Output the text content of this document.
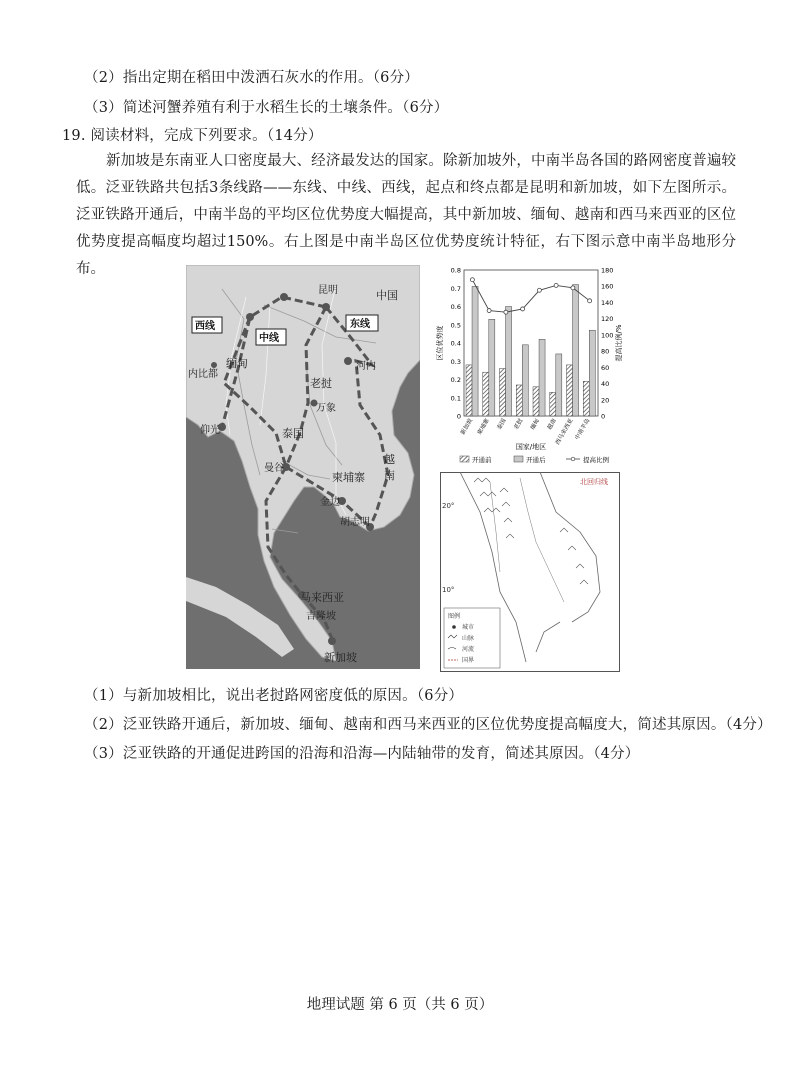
（2）指出定期在稻田中泼洒石灰水的作用。（6分）
（3）简述河蟹养殖有利于水稻生长的土壤条件。（6分）
19. 阅读材料，完成下列要求。（14分）
新加坡是东南亚人口密度最大、经济最发达的国家。除新加坡外，中南半岛各国的路网密度普遍较低。泛亚铁路共包括3条线路——东线、中线、西线，起点和终点都是昆明和新加坡，如下左图所示。泛亚铁路开通后，中南半岛的平均区位优势度大幅提高，其中新加坡、缅甸、越南和西马来西亚的区位优势度提高幅度均超过150%。右上图是中南半岛区位优势度统计特征，右下图示意中南半岛地形分布。
中国
缅甸
老挝
泰国
柬埔寨
越
南
马来西亚
昆明
内比都
河内
万象
仰光
曼谷
金边
胡志明
吉隆坡
新加坡
西线
中线
东线
0
0.1
0.2
0.3
0.4
0.5
0.6
0.7
0.8
0
20
40
60
80
100
120
140
160
180
新加坡 柬埔寨 泰国 老挝 缅甸 越南
西马来西亚 中南半岛
区位优势度	提高比例/%
国家/地区
开通前	开通后	提高比例
20°
10°
北回归线
图例
城市
山脉
河流
国界
（1）与新加坡相比，说出老挝路网密度低的原因。（6分）
（2）泛亚铁路开通后，新加坡、缅甸、越南和西马来西亚的区位优势度提高幅度大，简述其原因。（4分）
（3）泛亚铁路的开通促进跨国的沿海和沿海—内陆轴带的发育，简述其原因。（4分）
地理试题 第 6 页（共 6 页）
